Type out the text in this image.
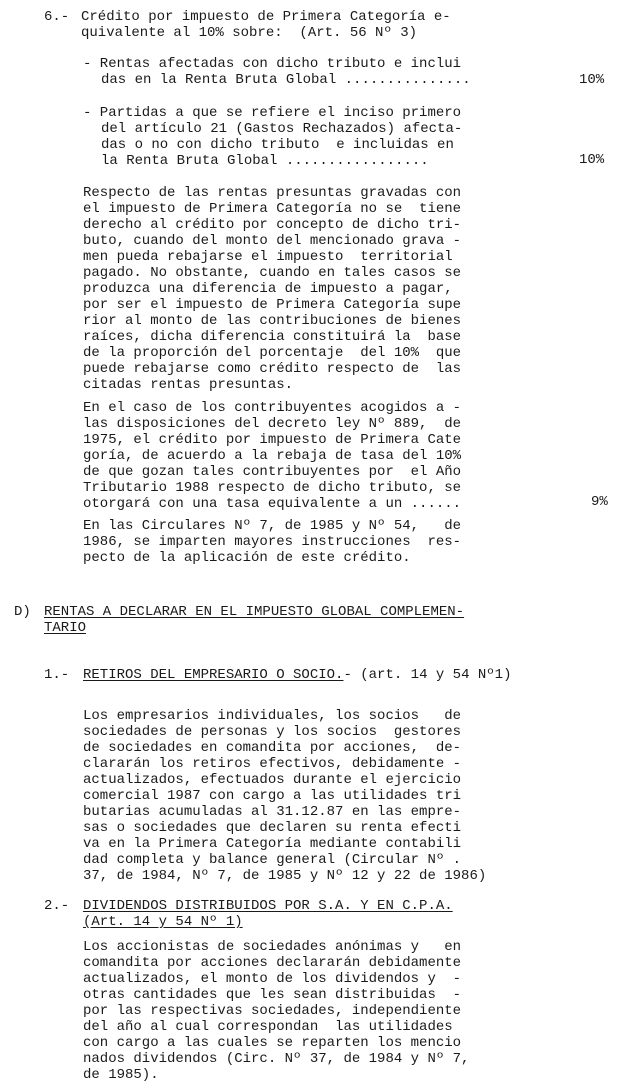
6.- Crédito por impuesto de Primera Categoría e-
quivalente al 10% sobre:  (Art. 56 Nº 3)
- Rentas afectadas con dicho tributo e inclui
das en la Renta Bruta Global ...............	10%
- Partidas a que se refiere el inciso primero
del artículo 21 (Gastos Rechazados) afecta-
das o no con dicho tributo  e incluidas en
la Renta Bruta Global .................	10%
Respecto de las rentas presuntas gravadas con
el impuesto de Primera Categoría no se  tiene
derecho al crédito por concepto de dicho tri-
buto, cuando del monto del mencionado grava -
men pueda rebajarse el impuesto  territorial
pagado. No obstante, cuando en tales casos se
produzca una diferencia de impuesto a pagar,
por ser el impuesto de Primera Categoría supe
rior al monto de las contribuciones de bienes
raíces, dicha diferencia constituirá la  base
de la proporción del porcentaje  del 10%  que
puede rebajarse como crédito respecto de  las
citadas rentas presuntas.
En el caso de los contribuyentes acogidos a -
las disposiciones del decreto ley Nº 889,  de
1975, el crédito por impuesto de Primera Cate
goría, de acuerdo a la rebaja de tasa del 10%
de que gozan tales contribuyentes por  el Año
Tributario 1988 respecto de dicho tributo, se
otorgará con una tasa equivalente a un ......	9%
En las Circulares Nº 7, de 1985 y Nº 54,   de
1986, se imparten mayores instrucciones  res-
pecto de la aplicación de este crédito.
D) RENTAS A DECLARAR EN EL IMPUESTO GLOBAL COMPLEMEN-
TARIO
1.- RETIROS DEL EMPRESARIO O SOCIO.- (art. 14 y 54 Nº1)
Los empresarios individuales, los socios   de
sociedades de personas y los socios  gestores
de sociedades en comandita por acciones,  de-
clararán los retiros efectivos, debidamente -
actualizados, efectuados durante el ejercicio
comercial 1987 con cargo a las utilidades tri
butarias acumuladas al 31.12.87 en las empre-
sas o sociedades que declaren su renta efecti
va en la Primera Categoría mediante contabili
dad completa y balance general (Circular Nº .
37, de 1984, Nº 7, de 1985 y Nº 12 y 22 de 1986)
2.- DIVIDENDOS DISTRIBUIDOS POR S.A. Y EN C.P.A.
(Art. 14 y 54 Nº 1)
Los accionistas de sociedades anónimas y   en
comandita por acciones declararán debidamente
actualizados, el monto de los dividendos y  -
otras cantidades que les sean distribuidas  -
por las respectivas sociedades, independiente
del año al cual correspondan  las utilidades
con cargo a las cuales se reparten los mencio
nados dividendos (Circ. Nº 37, de 1984 y Nº 7,
de 1985).
